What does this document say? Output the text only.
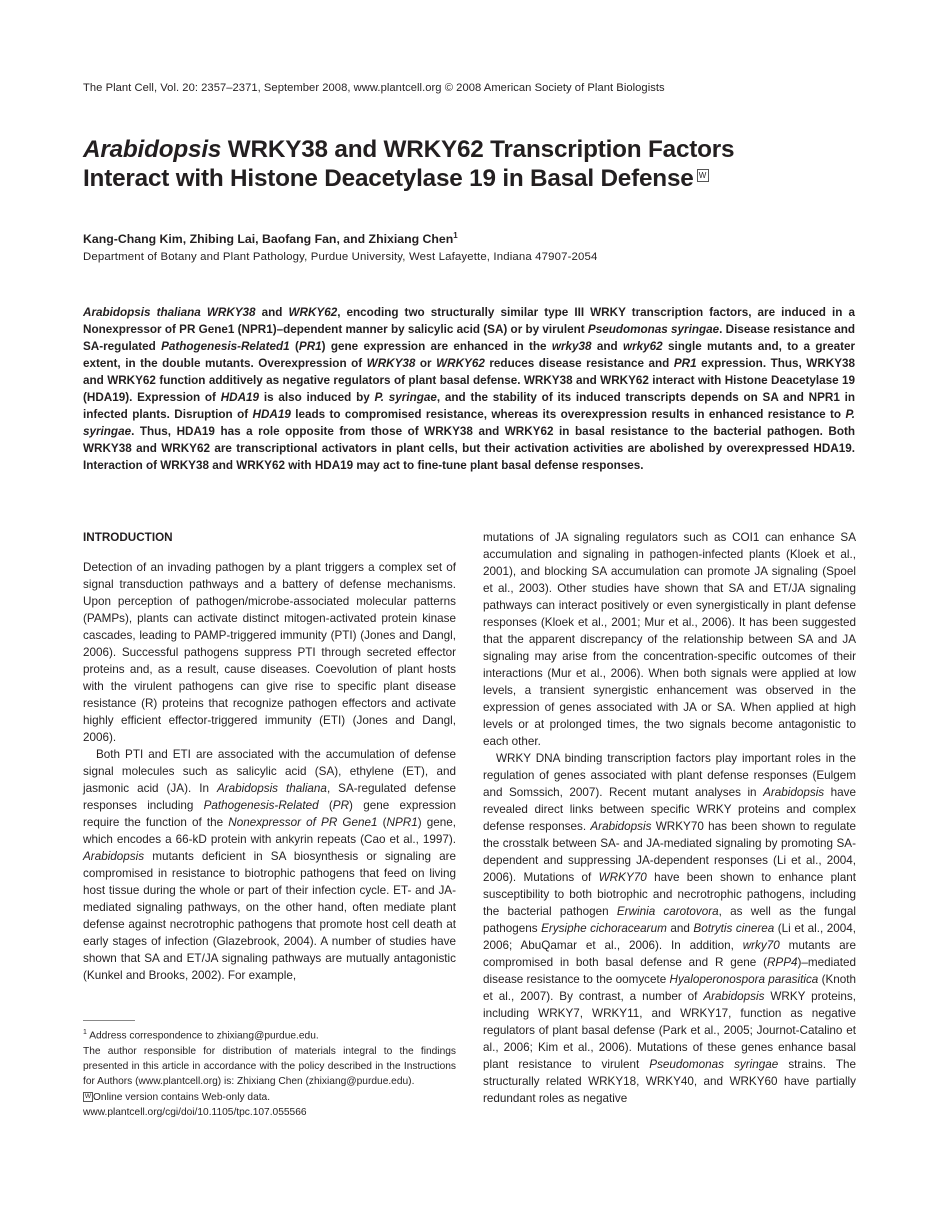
The Plant Cell, Vol. 20: 2357–2371, September 2008, www.plantcell.org © 2008 American Society of Plant Biologists
Arabidopsis WRKY38 and WRKY62 Transcription Factors
Interact with Histone Deacetylase 19 in Basal Defense W
Kang-Chang Kim, Zhibing Lai, Baofang Fan, and Zhixiang Chen$^1$
Department of Botany and Plant Pathology, Purdue University, West Lafayette, Indiana 47907-2054
Arabidopsis thaliana WRKY38 and WRKY62, encoding two structurally similar type III WRKY transcription factors, are induced in a Nonexpressor of PR Gene1 (NPR1)–dependent manner by salicylic acid (SA) or by virulent Pseudomonas syringae. Disease resistance and SA-regulated Pathogenesis-Related1 (PR1) gene expression are enhanced in the wrky38 and wrky62 single mutants and, to a greater extent, in the double mutants. Overexpression of WRKY38 or WRKY62 reduces disease resistance and PR1 expression. Thus, WRKY38 and WRKY62 function additively as negative regulators of plant basal defense. WRKY38 and WRKY62 interact with Histone Deacetylase 19 (HDA19). Expression of HDA19 is also induced by P. syringae, and the stability of its induced transcripts depends on SA and NPR1 in infected plants. Disruption of HDA19 leads to compromised resistance, whereas its overexpression results in enhanced resistance to P. syringae. Thus, HDA19 has a role opposite from those of WRKY38 and WRKY62 in basal resistance to the bacterial pathogen. Both WRKY38 and WRKY62 are transcriptional activators in plant cells, but their activation activities are abolished by overexpressed HDA19. Interaction of WRKY38 and WRKY62 with HDA19 may act to fine-tune plant basal defense responses.

INTRODUCTION

Detection of an invading pathogen by a plant triggers a complex set of signal transduction pathways and a battery of defense mechanisms. Upon perception of pathogen/microbe-associated molecular patterns (PAMPs), plants can activate distinct mitogen-activated protein kinase cascades, leading to PAMP-triggered immunity (PTI) (Jones and Dangl, 2006). Successful pathogens suppress PTI through secreted effector proteins and, as a result, cause diseases. Coevolution of plant hosts with the virulent pathogens can give rise to specific plant disease resistance (R) proteins that recognize pathogen effectors and activate highly efficient effector-triggered immunity (ETI) (Jones and Dangl, 2006).

Both PTI and ETI are associated with the accumulation of defense signal molecules such as salicylic acid (SA), ethylene (ET), and jasmonic acid (JA). In Arabidopsis thaliana, SA-regulated defense responses including Pathogenesis-Related (PR) gene expression require the function of the Nonexpressor of PR Gene1 (NPR1) gene, which encodes a 66-kD protein with ankyrin repeats (Cao et al., 1997). Arabidopsis mutants deficient in SA biosynthesis or signaling are compromised in resistance to biotrophic pathogens that feed on living host tissue during the whole or part of their infection cycle. ET- and JA-mediated signaling pathways, on the other hand, often mediate plant defense against necrotrophic pathogens that promote host cell death at early stages of infection (Glazebrook, 2004). A number of studies have shown that SA and ET/JA signaling pathways are mutually antagonistic (Kunkel and Brooks, 2002). For example,

$^1$ Address correspondence to zhixiang@purdue.edu.

The author responsible for distribution of materials integral to the findings presented in this article in accordance with the policy described in the Instructions for Authors (www.plantcell.org) is: Zhixiang Chen (zhixiang@purdue.edu).

W Online version contains Web-only data.

www.plantcell.org/cgi/doi/10.1105/tpc.107.055566

mutations of JA signaling regulators such as COI1 can enhance SA accumulation and signaling in pathogen-infected plants (Kloek et al., 2001), and blocking SA accumulation can promote JA signaling (Spoel et al., 2003). Other studies have shown that SA and ET/JA signaling pathways can interact positively or even synergistically in plant defense responses (Kloek et al., 2001; Mur et al., 2006). It has been suggested that the apparent discrepancy of the relationship between SA and JA signaling may arise from the concentration-specific outcomes of their interactions (Mur et al., 2006). When both signals were applied at low levels, a transient synergistic enhancement was observed in the expression of genes associated with JA or SA. When applied at high levels or at prolonged times, the two signals become antagonistic to each other.

WRKY DNA binding transcription factors play important roles in the regulation of genes associated with plant defense responses (Eulgem and Somssich, 2007). Recent mutant analyses in Arabidopsis have revealed direct links between specific WRKY proteins and complex defense responses. Arabidopsis WRKY70 has been shown to regulate the crosstalk between SA- and JA-mediated signaling by promoting SA-dependent and suppressing JA-dependent responses (Li et al., 2004, 2006). Mutations of WRKY70 have been shown to enhance plant susceptibility to both biotrophic and necrotrophic pathogens, including the bacterial pathogen Erwinia carotovora, as well as the fungal pathogens Erysiphe cichoracearum and Botrytis cinerea (Li et al., 2004, 2006; AbuQamar et al., 2006). In addition, wrky70 mutants are compromised in both basal defense and R gene (RPP4)–mediated disease resistance to the oomycete Hyaloperonospora parasitica (Knoth et al., 2007). By contrast, a number of Arabidopsis WRKY proteins, including WRKY7, WRKY11, and WRKY17, function as negative regulators of plant basal defense (Park et al., 2005; Journot-Catalino et al., 2006; Kim et al., 2006). Mutations of these genes enhance basal plant resistance to virulent Pseudomonas syringae strains. The structurally related WRKY18, WRKY40, and WRKY60 have partially redundant roles as negative
